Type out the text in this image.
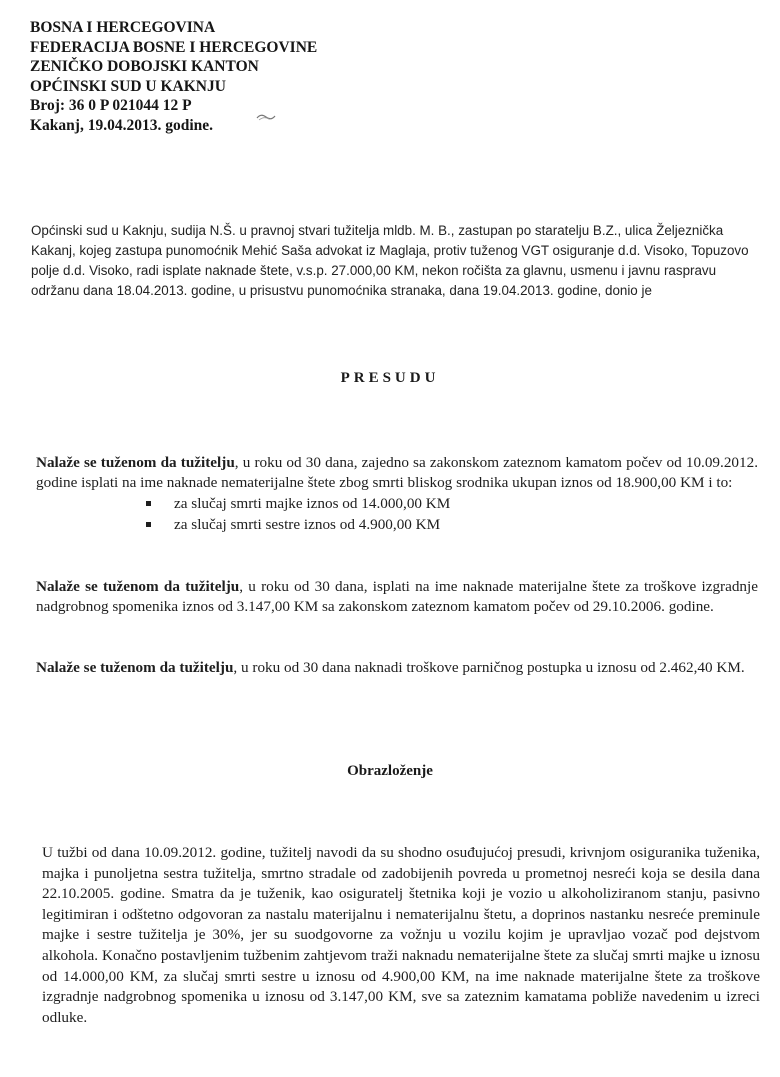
BOSNA I HERCEGOVINA
FEDERACIJA BOSNE I HERCEGOVINE
ZENIČKO DOBOJSKI KANTON
OPĆINSKI SUD U KAKNJU
Broj: 36 0 P 021044 12 P
Kakanj, 19.04.2013. godine.

Općinski sud u Kaknju, sudija N.Š. u pravnoj stvari tužitelja mldb. M. B., zastupan po staratelju B.Z., ulica Željeznička Kakanj, kojeg zastupa punomoćnik Mehić Saša advokat iz Maglaja, protiv tuženog VGT osiguranje d.d. Visoko, Topuzovo polje d.d. Visoko, radi isplate naknade štete, v.s.p. 27.000,00 KM, nekon ročišta za glavnu, usmenu i javnu raspravu održanu dana 18.04.2013. godine, u prisustvu punomoćnika stranaka, dana 19.04.2013. godine, donio je

PRESUDU

Nalaže se tuženom da tužitelju, u roku od 30 dana, zajedno sa zakonskom zateznom kamatom počev od 10.09.2012. godine isplati na ime naknade nematerijalne štete zbog smrti bliskog srodnika ukupan iznos od 18.900,00 KM i to:

za slučaj smrti majke iznos od 14.000,00 KM
za slučaj smrti sestre iznos od 4.900,00 KM

Nalaže se tuženom da tužitelju, u roku od 30 dana, isplati na ime naknade materijalne štete za troškove izgradnje nadgrobnog spomenika iznos od 3.147,00 KM sa zakonskom zateznom kamatom počev od 29.10.2006. godine.

Nalaže se tuženom da tužitelju, u roku od 30 dana naknadi troškove parničnog postupka u iznosu od 2.462,40 KM.

Obrazloženje

U tužbi od dana 10.09.2012. godine, tužitelj navodi da su shodno osuđujućoj presudi, krivnjom osiguranika tuženika, majka i punoljetna sestra tužitelja, smrtno stradale od zadobijenih povreda u prometnoj nesreći koja se desila dana 22.10.2005. godine. Smatra da je tuženik, kao osiguratelj štetnika koji je vozio u alkoholiziranom stanju, pasivno legitimiran i odštetno odgovoran za nastalu materijalnu i nematerijalnu štetu, a doprinos nastanku nesreće preminule majke i sestre tužitelja je 30%, jer su suodgovorne za vožnju u vozilu kojim je upravljao vozač pod dejstvom alkohola. Konačno postavljenim tužbenim zahtjevom traži naknadu nematerijalne štete za slučaj smrti majke u iznosu od 14.000,00 KM, za slučaj smrti sestre u iznosu od 4.900,00 KM, na ime naknade materijalne štete za troškove izgradnje nadgrobnog spomenika u iznosu od 3.147,00 KM, sve sa zateznim kamatama pobliže navedenim u izreci odluke.
